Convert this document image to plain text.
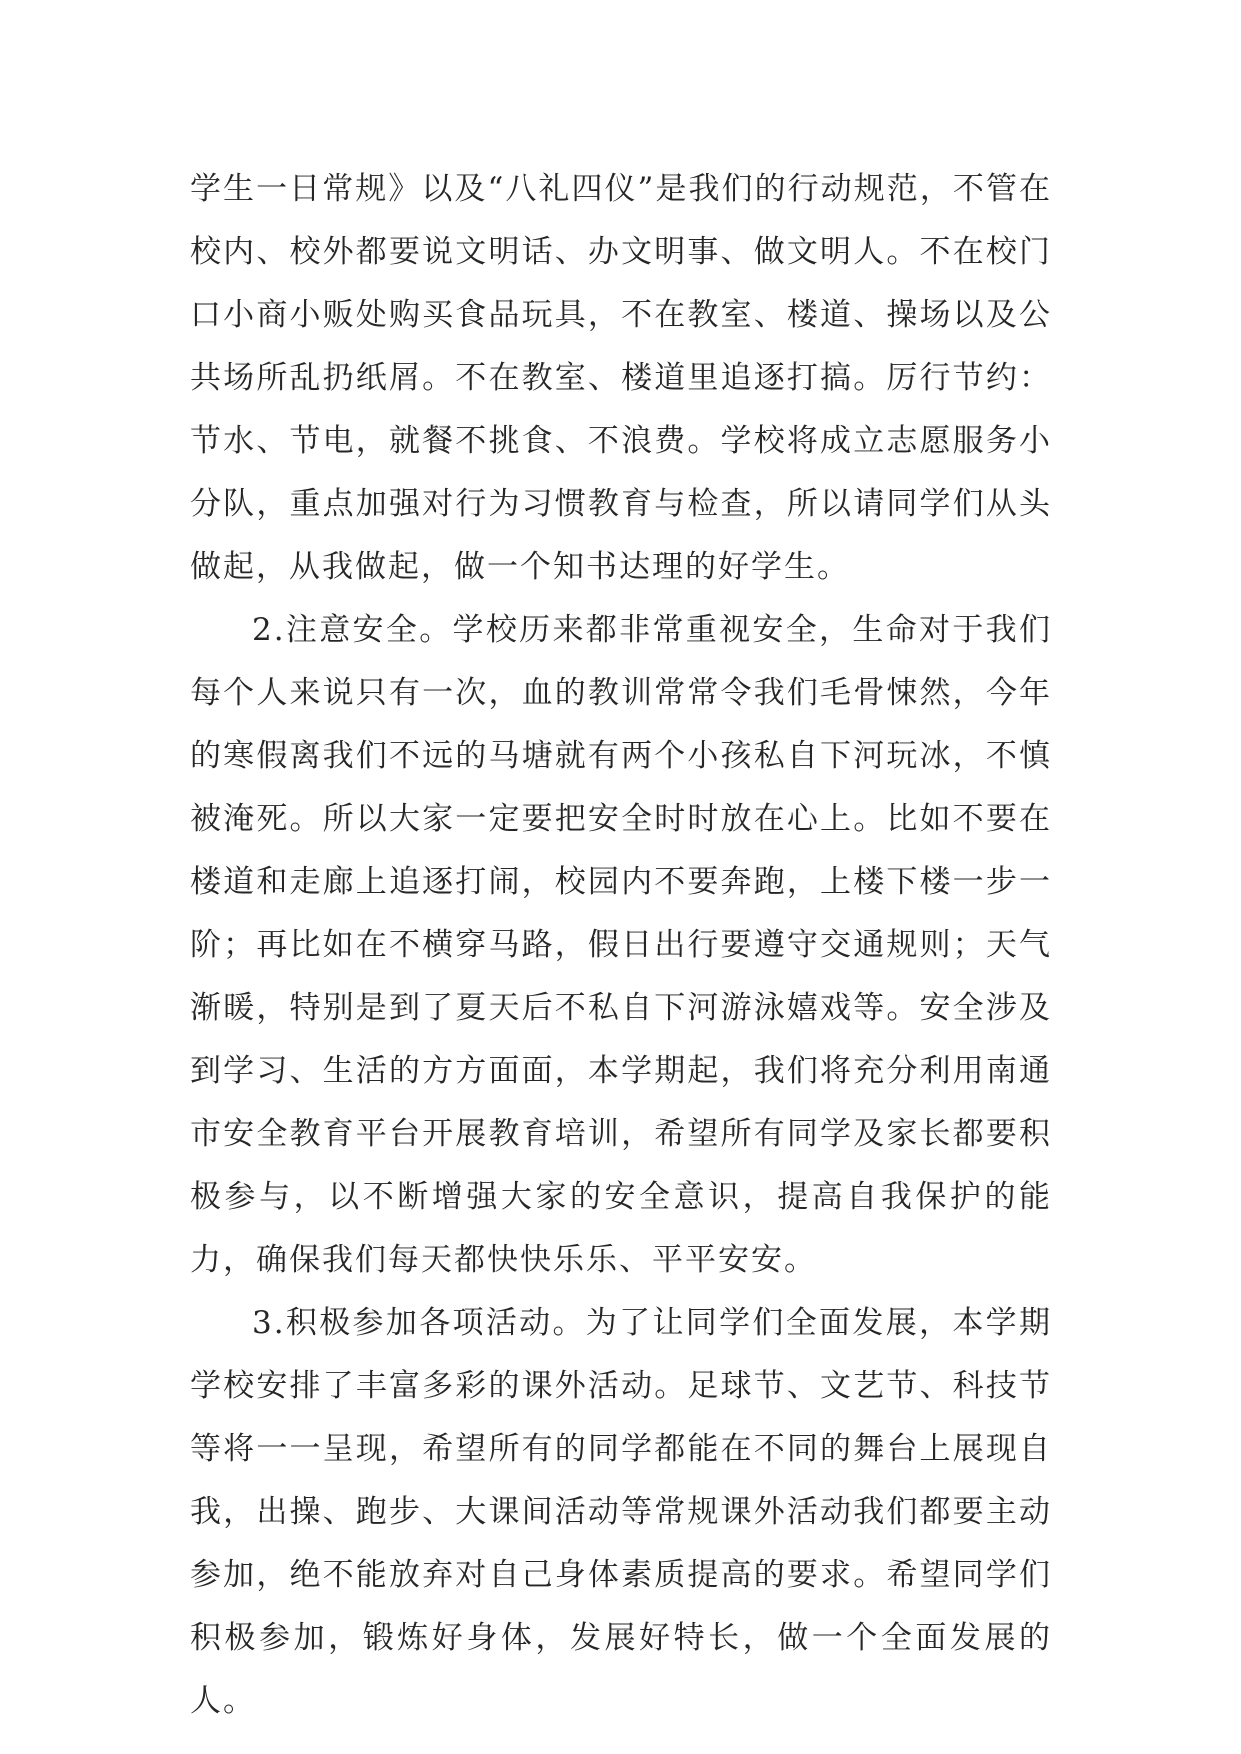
学生一日常规》以及“八礼四仪”是我们的行动规范，不管在校内、校外都要说文明话、办文明事、做文明人。不在校门口小商小贩处购买食品玩具，不在教室、楼道、操场以及公共场所乱扔纸屑。不在教室、楼道里追逐打搞。厉行节约：节水、节电，就餐不挑食、不浪费。学校将成立志愿服务小分队，重点加强对行为习惯教育与检查，所以请同学们从头做起，从我做起，做一个知书达理的好学生。

2.注意安全。学校历来都非常重视安全，生命对于我们每个人来说只有一次，血的教训常常令我们毛骨悚然，今年的寒假离我们不远的马塘就有两个小孩私自下河玩冰，不慎被淹死。所以大家一定要把安全时时放在心上。比如不要在楼道和走廊上追逐打闹，校园内不要奔跑，上楼下楼一步一阶；再比如在不横穿马路，假日出行要遵守交通规则；天气渐暖，特别是到了夏天后不私自下河游泳嬉戏等。安全涉及到学习、生活的方方面面，本学期起，我们将充分利用南通市安全教育平台开展教育培训，希望所有同学及家长都要积极参与，以不断增强大家的安全意识，提高自我保护的能力，确保我们每天都快快乐乐、平平安安。

3.积极参加各项活动。为了让同学们全面发展，本学期学校安排了丰富多彩的课外活动。足球节、文艺节、科技节等将一一呈现，希望所有的同学都能在不同的舞台上展现自我，出操、跑步、大课间活动等常规课外活动我们都要主动参加，绝不能放弃对自己身体素质提高的要求。希望同学们积极参加，锻炼好身体，发展好特长，做一个全面发展的人。
